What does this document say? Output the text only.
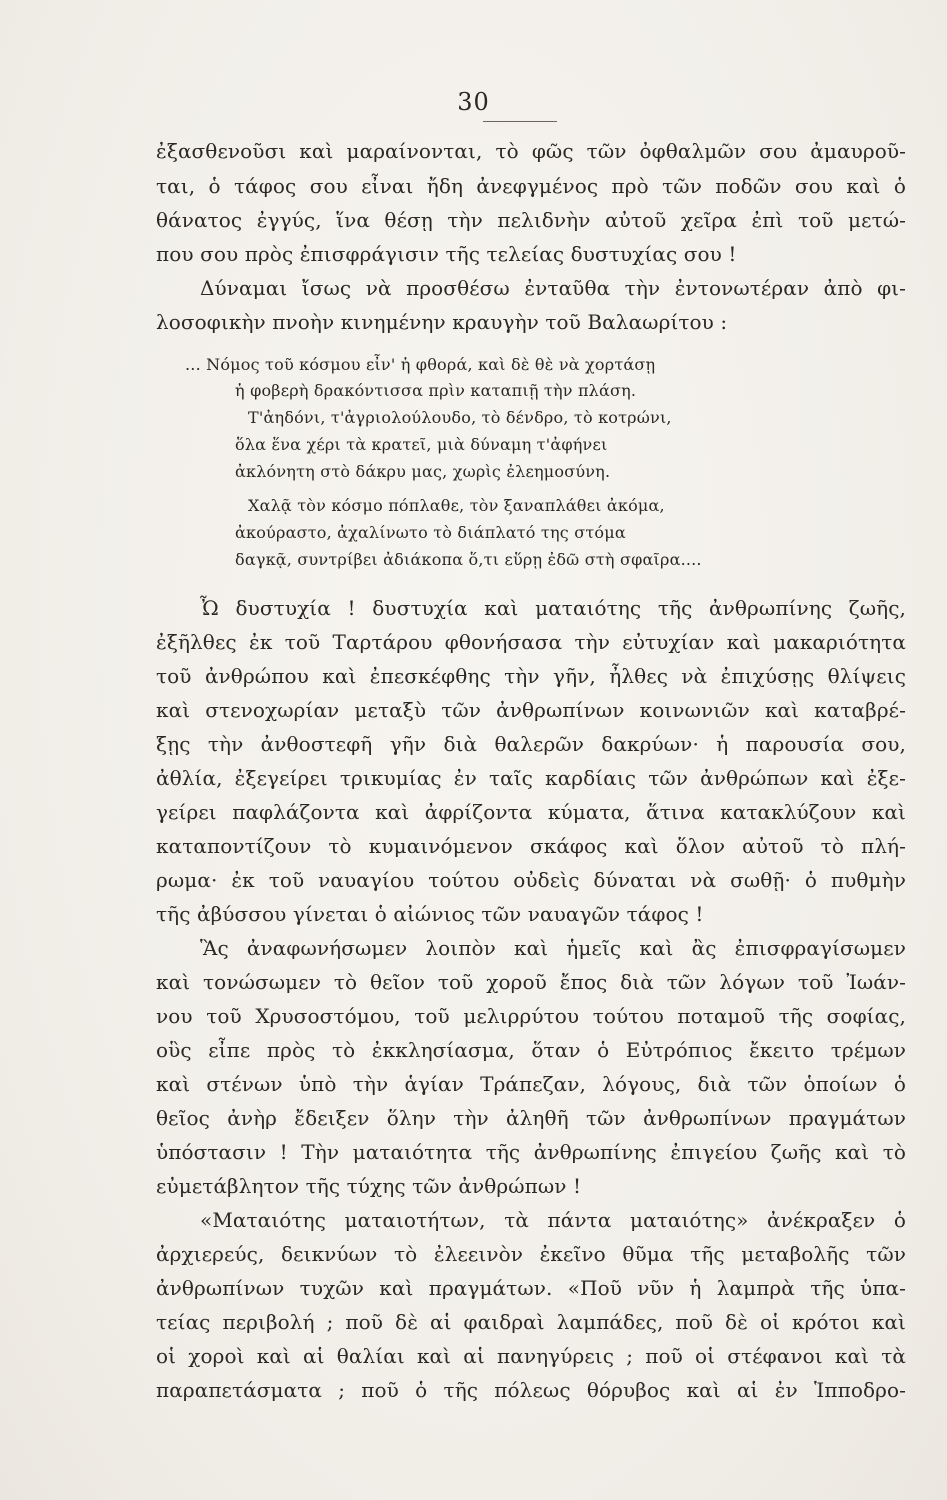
30
ἐξασθενοῦσι καὶ μαραίνονται, τὸ φῶς τῶν ὀφθαλμῶν σου ἀμαυροῦ-
ται, ὁ τάφος σου εἶναι ἤδη ἀνεφγμένος πρὸ τῶν ποδῶν σου καὶ ὁ
θάνατος ἐγγύς, ἵνα θέσῃ τὴν πελιδνὴν αὐτοῦ χεῖρα ἐπὶ τοῦ μετώ-
που σου πρὸς ἐπισφράγισιν τῆς τελείας δυστυχίας σου !
Δύναμαι ἴσως νὰ προσθέσω ἐνταῦθα τὴν ἐντονωτέραν ἀπὸ φι-
λοσοφικὴν πνοὴν κινημένην κραυγὴν τοῦ Βαλαωρίτου :
... Νόμος τοῦ κόσμου εἶν' ἡ φθορά, καὶ δὲ θὲ νὰ χορτάσῃ
ἡ φοβερὴ δρακόντισσα πρὶν καταπιῇ τὴν πλάση.
Τ'ἀηδόνι, τ'ἀγριολούλουδο, τὸ δένδρο, τὸ κοτρώνι,
ὅλα ἕνα χέρι τὰ κρατεῖ, μιὰ δύναμη τ'ἀφήνει
ἀκλόνητη στὸ δάκρυ μας, χωρὶς ἐλεημοσύνη.
Χαλᾷ τὸν κόσμο πόπλαθε, τὸν ξαναπλάθει ἀκόμα,
ἀκούραστο, ἀχαλίνωτο τὸ διάπλατό της στόμα
δαγκᾷ, συντρίβει ἀδιάκοπα ὅ,τι εὕρῃ ἐδῶ στὴ σφαῖρα....
Ὦ δυστυχία ! δυστυχία καὶ ματαιότης τῆς ἀνθρωπίνης ζωῆς,
ἐξῆλθες ἐκ τοῦ Ταρτάρου φθονήσασα τὴν εὐτυχίαν καὶ μακαριότητα
τοῦ ἀνθρώπου καὶ ἐπεσκέφθης τὴν γῆν, ἦλθες νὰ ἐπιχύσῃς θλίψεις
καὶ στενοχωρίαν μεταξὺ τῶν ἀνθρωπίνων κοινωνιῶν καὶ καταβρέ-
ξῃς τὴν ἀνθοστεφῆ γῆν διὰ θαλερῶν δακρύων· ἡ παρουσία σου,
ἀθλία, ἐξεγείρει τρικυμίας ἐν ταῖς καρδίαις τῶν ἀνθρώπων καὶ ἐξε-
γείρει παφλάζοντα καὶ ἀφρίζοντα κύματα, ἅτινα κατακλύζουν καὶ
καταποντίζουν τὸ κυμαινόμενον σκάφος καὶ ὅλον αὐτοῦ τὸ πλή-
ρωμα· ἐκ τοῦ ναυαγίου τούτου οὐδεὶς δύναται νὰ σωθῇ· ὁ πυθμὴν
τῆς ἀβύσσου γίνεται ὁ αἰώνιος τῶν ναυαγῶν τάφος !
Ἃς ἀναφωνήσωμεν λοιπὸν καὶ ἡμεῖς καὶ ἂς ἐπισφραγίσωμεν
καὶ τονώσωμεν τὸ θεῖον τοῦ χοροῦ ἔπος διὰ τῶν λόγων τοῦ Ἰωάν-
νου τοῦ Χρυσοστόμου, τοῦ μελιρρύτου τούτου ποταμοῦ τῆς σοφίας,
οὓς εἶπε πρὸς τὸ ἐκκλησίασμα, ὅταν ὁ Εὐτρόπιος ἔκειτο τρέμων
καὶ στένων ὑπὸ τὴν ἁγίαν Τράπεζαν, λόγους, διὰ τῶν ὁποίων ὁ
θεῖος ἀνὴρ ἔδειξεν ὅλην τὴν ἀληθῆ τῶν ἀνθρωπίνων πραγμάτων
ὑπόστασιν ! Τὴν ματαιότητα τῆς ἀνθρωπίνης ἐπιγείου ζωῆς καὶ τὸ
εὐμετάβλητον τῆς τύχης τῶν ἀνθρώπων !
«Ματαιότης ματαιοτήτων, τὰ πάντα ματαιότης» ἀνέκραξεν ὁ
ἀρχιερεύς, δεικνύων τὸ ἐλεεινὸν ἐκεῖνο θῦμα τῆς μεταβολῆς τῶν
ἀνθρωπίνων τυχῶν καὶ πραγμάτων. «Ποῦ νῦν ἡ λαμπρὰ τῆς ὑπα-
τείας περιβολή ; ποῦ δὲ αἱ φαιδραὶ λαμπάδες, ποῦ δὲ οἱ κρότοι καὶ
οἱ χοροὶ καὶ αἱ θαλίαι καὶ αἱ πανηγύρεις ; ποῦ οἱ στέφανοι καὶ τὰ
παραπετάσματα ; ποῦ ὁ τῆς πόλεως θόρυβος καὶ αἱ ἐν Ἱπποδρο-
